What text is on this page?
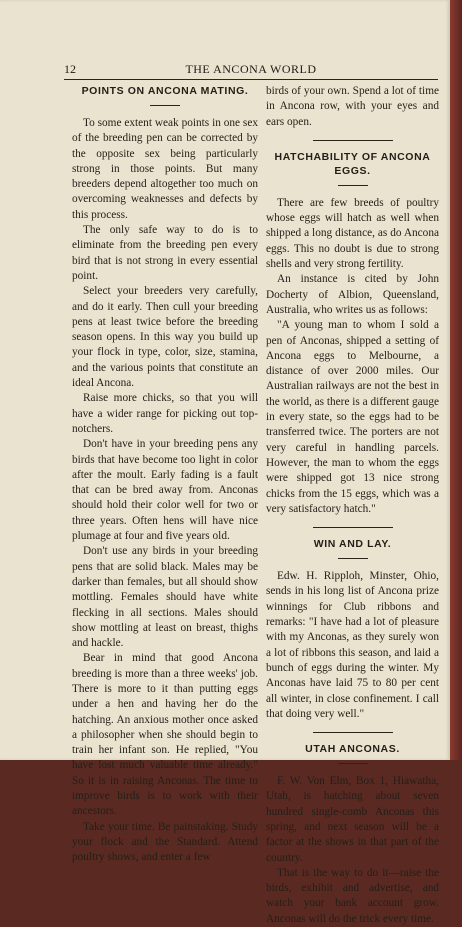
12	THE ANCONA WORLD
POINTS ON ANCONA MATING.

To some extent weak points in one sex of the breeding pen can be corrected by the opposite sex being particularly strong in those points. But many breeders depend altogether too much on overcoming weaknesses and defects by this process.

The only safe way to do is to eliminate from the breeding pen every bird that is not strong in every essential point.

Select your breeders very carefully, and do it early. Then cull your breeding pens at least twice before the breeding season opens. In this way you build up your flock in type, color, size, stamina, and the various points that constitute an ideal Ancona.

Raise more chicks, so that you will have a wider range for picking out top-notchers.

Don't have in your breeding pens any birds that have become too light in color after the moult. Early fading is a fault that can be bred away from. Anconas should hold their color well for two or three years. Often hens will have nice plumage at four and five years old.

Don't use any birds in your breeding pens that are solid black. Males may be darker than females, but all should show mottling. Females should have white flecking in all sections. Males should show mottling at least on breast, thighs and hackle.

Bear in mind that good Ancona breeding is more than a three weeks' job. There is more to it than putting eggs under a hen and having her do the hatching. An anxious mother once asked a philosopher when she should begin to train her infant son. He replied, "You have lost much valuable time already." So it is in raising Anconas. The time to improve birds is to work with their ancestors.

Take your time. Be painstaking. Study your flock and the Standard. Attend poultry shows, and enter a few

birds of your own. Spend a lot of time in Ancona row, with your eyes and ears open.

HATCHABILITY OF ANCONA EGGS.

There are few breeds of poultry whose eggs will hatch as well when shipped a long distance, as do Ancona eggs. This no doubt is due to strong shells and very strong fertility.

An instance is cited by John Dochertу of Albion, Queensland, Australia, who writes us as follows:

"A young man to whom I sold a pen of Anconas, shipped a setting of Ancona eggs to Melbourne, a distance of over 2000 miles. Our Australian railways are not the best in the world, as there is a different gauge in every state, so the eggs had to be transferred twice. The porters are not very careful in handling parcels. However, the man to whom the eggs were shipped got 13 nice strong chicks from the 15 eggs, which was a very satisfactory hatch."

WIN AND LAY.

Edw. H. Ripploh, Minster, Ohio, sends in his long list of Ancona prize winnings for Club ribbons and remarks: "I have had a lot of pleasure with my Anconas, as they surely won a lot of ribbons this season, and laid a bunch of eggs during the winter. My Anconas have laid 75 to 80 per cent all winter, in close confinement. I call that doing very well."

UTAH ANCONAS.

F. W. Von Elm, Box 1, Hiawatha, Utah, is hatching about seven hundred single-comb Anconas this spring, and next season will be a factor at the shows in that part of the country.

That is the way to do it—raise the birds, exhibit and advertise, and watch your bank account grow. Anconas will do the trick every time.
